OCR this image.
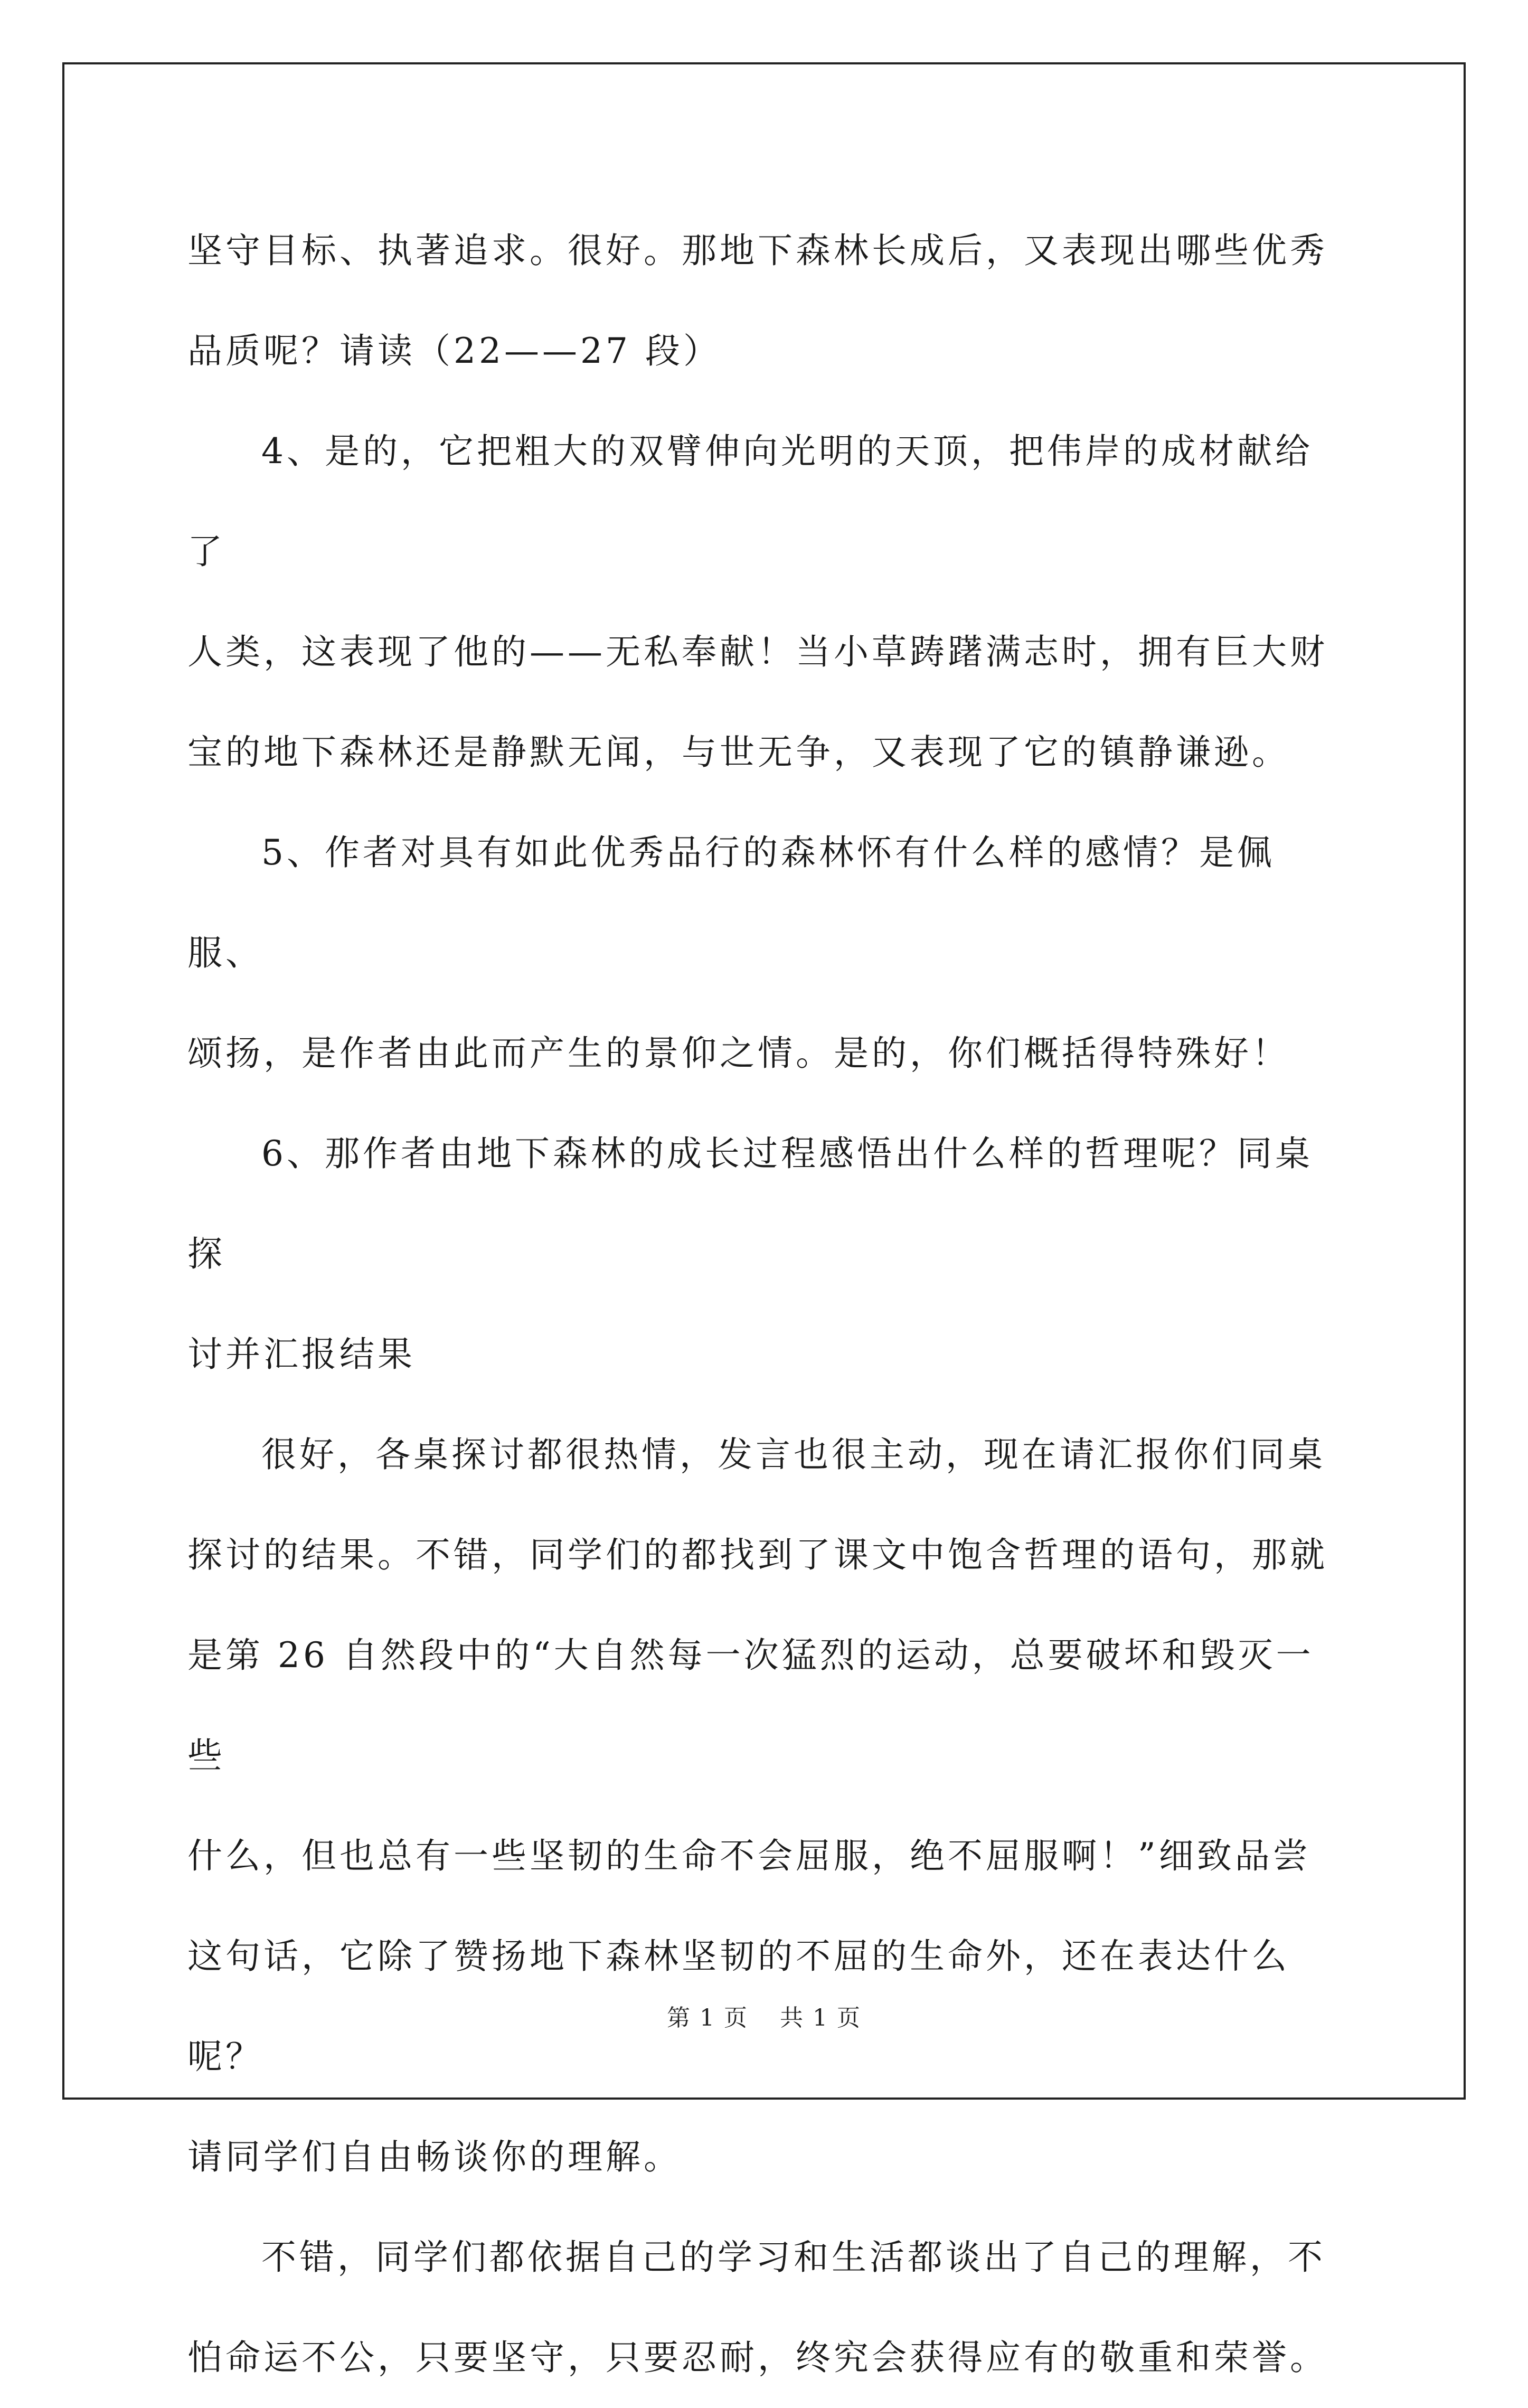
坚守目标、执著追求。很好。那地下森林长成后，又表现出哪些优秀
品质呢？请读（22——27 段）

4、是的，它把粗大的双臂伸向光明的天顶，把伟岸的成材献给了
人类，这表现了他的——无私奉献！当小草踌躇满志时，拥有巨大财
宝的地下森林还是静默无闻，与世无争，又表现了它的镇静谦逊。

5、作者对具有如此优秀品行的森林怀有什么样的感情？是佩服、
颂扬，是作者由此而产生的景仰之情。是的，你们概括得特殊好！

6、那作者由地下森林的成长过程感悟出什么样的哲理呢？同桌探
讨并汇报结果

很好，各桌探讨都很热情，发言也很主动，现在请汇报你们同桌
探讨的结果。不错，同学们的都找到了课文中饱含哲理的语句，那就
是第 26 自然段中的“大自然每一次猛烈的运动，总要破坏和毁灭一些
什么，但也总有一些坚韧的生命不会屈服，绝不屈服啊！”细致品尝
这句话，它除了赞扬地下森林坚韧的不屈的生命外，还在表达什么呢？
请同学们自由畅谈你的理解。

不错，同学们都依据自己的学习和生活都谈出了自己的理解，不
怕命运不公，只要坚守，只要忍耐，终究会获得应有的敬重和荣誉。

第 1 页 共 1 页
